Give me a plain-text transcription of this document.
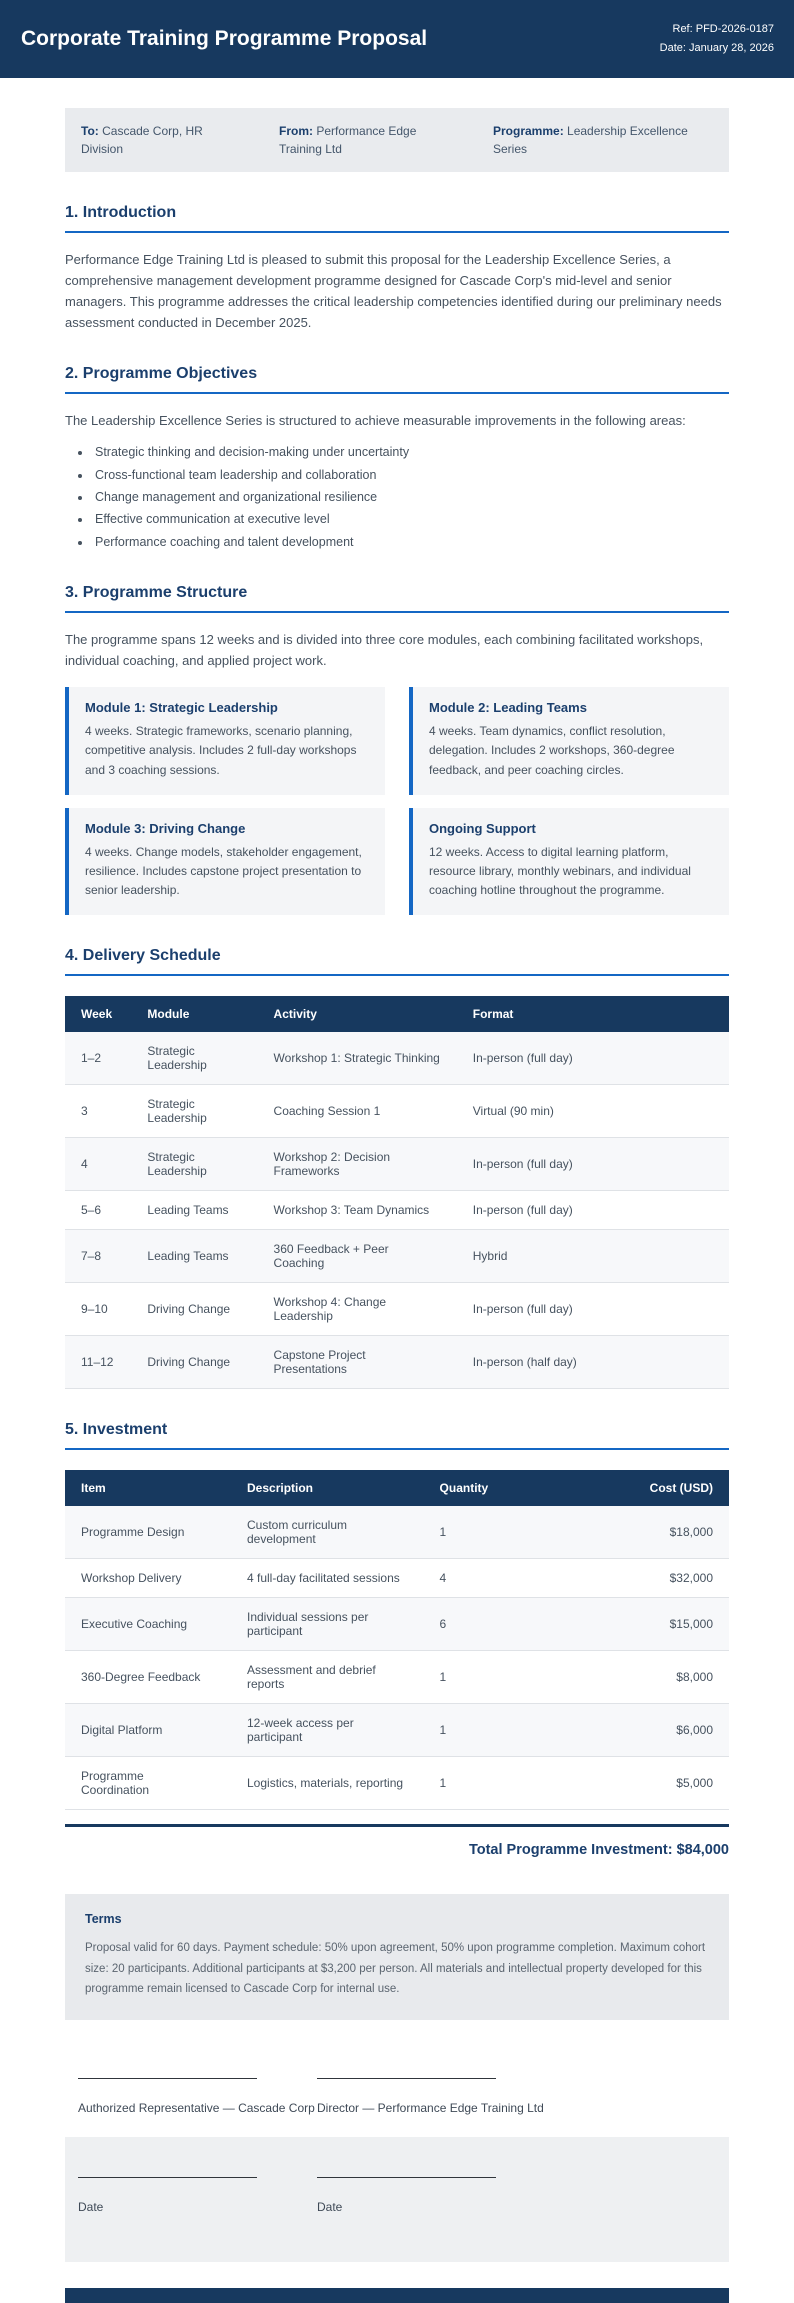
Corporate Training Programme Proposal	Ref: PFD-2026-0187
Date: January 28, 2026
To: Cascade Corp, HR Division
From: Performance Edge Training Ltd
Programme: Leadership Excellence Series
1. Introduction

Performance Edge Training Ltd is pleased to submit this proposal for the Leadership Excellence Series, a comprehensive management development programme designed for Cascade Corp's mid-level and senior managers. This programme addresses the critical leadership competencies identified during our preliminary needs assessment conducted in December 2025.

2. Programme Objectives

The Leadership Excellence Series is structured to achieve measurable improvements in the following areas:

• Strategic thinking and decision-making under uncertainty
• Cross-functional team leadership and collaboration
• Change management and organizational resilience
• Effective communication at executive level
• Performance coaching and talent development
3. Programme Structure

The programme spans 12 weeks and is divided into three core modules, each combining facilitated workshops, individual coaching, and applied project work.

Module 1: Strategic Leadership

4 weeks. Strategic frameworks, scenario planning, competitive analysis. Includes 2 full-day workshops and 3 coaching sessions.

Module 2: Leading Teams

4 weeks. Team dynamics, conflict resolution, delegation. Includes 2 workshops, 360-degree feedback, and peer coaching circles.

Module 3: Driving Change

4 weeks. Change models, stakeholder engagement, resilience. Includes capstone project presentation to senior leadership.

Ongoing Support

12 weeks. Access to digital learning platform, resource library, monthly webinars, and individual coaching hotline throughout the programme.

4. Delivery Schedule
Week	Module	Activity	Format
1–2	Strategic Leadership	Workshop 1: Strategic Thinking	In-person (full day)
3	Strategic Leadership	Coaching Session 1	Virtual (90 min)
4	Strategic Leadership	Workshop 2: Decision Frameworks	In-person (full day)
5–6	Leading Teams	Workshop 3: Team Dynamics	In-person (full day)
7–8	Leading Teams	360 Feedback + Peer Coaching	Hybrid
9–10	Driving Change	Workshop 4: Change Leadership	In-person (full day)
11–12	Driving Change	Capstone Project Presentations	In-person (half day)
5. Investment
Item	Description	Quantity	Cost (USD)
Programme Design	Custom curriculum development	1	$18,000
Workshop Delivery	4 full-day facilitated sessions	4	$32,000
Executive Coaching	Individual sessions per participant	6	$15,000
360-Degree Feedback	Assessment and debrief reports	1	$8,000
Digital Platform	12-week access per participant	1	$6,000
Programme Coordination	Logistics, materials, reporting	1	$5,000

Total Programme Investment: $84,000

Terms

Proposal valid for 60 days. Payment schedule: 50% upon agreement, 50% upon programme completion. Maximum cohort size: 20 participants. Additional participants at $3,200 per person. All materials and intellectual property developed for this programme remain licensed to Cascade Corp for internal use.

Authorized Representative — Cascade Corp Director — Performance Edge Training Ltd
Date	Date
